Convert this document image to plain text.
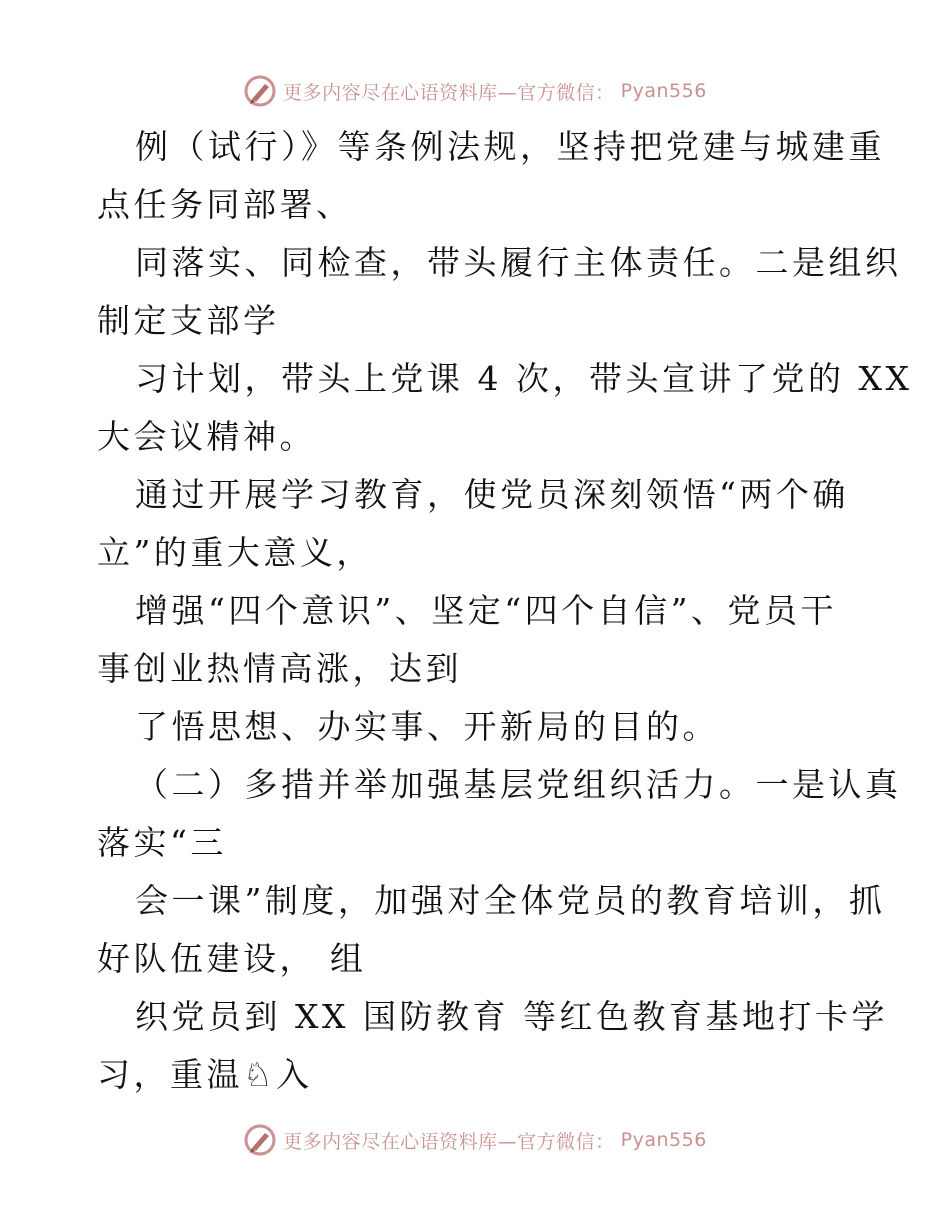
更多内容尽在心语资料库—官方微信： Pyan556

例（试行）》等条例法规，坚持把党建与城建重
点任务同部署、

同落实、同检查，带头履行主体责任。二是组织
制定支部学

习计划，带头上党课 4 次，带头宣讲了党的 XX
大会议精神。

通过开展学习教育，使党员深刻领悟“两个确
立”的重大意义，

增强“四个意识”、坚定“四个自信”、党员干
事创业热情高涨，达到

了悟思想、办实事、开新局的目的。

（二）多措并举加强基层党组织活力。一是认真
落实“三

会一课”制度，加强对全体党员的教育培训，抓
好队伍建设， 组

织党员到 XX 国防教育 等红色教育基地打卡学
习，重温♘入

更多内容尽在心语资料库—官方微信： Pyan556
